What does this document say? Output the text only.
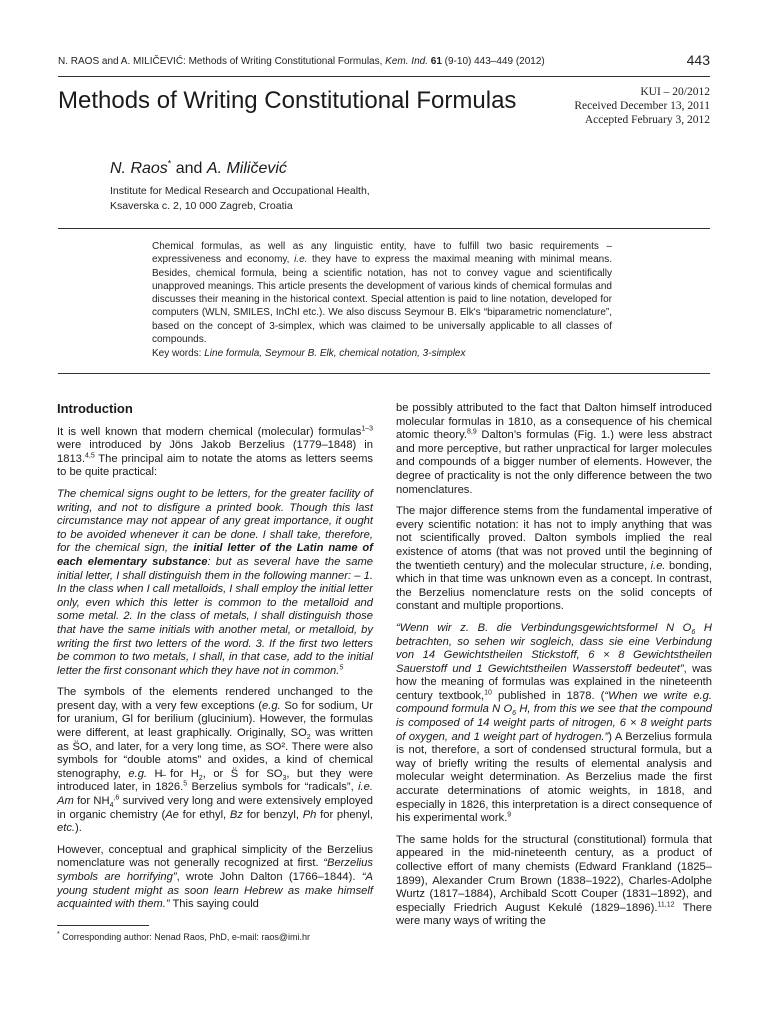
N. RAOS and A. MILIČEVIĆ: Methods of Writing Constitutional Formulas, Kem. Ind. 61 (9-10) 443–449 (2012)	443
Methods of Writing Constitutional Formulas	KUI – 20/2012
Received December 13, 2011
Accepted February 3, 2012
N. Raos* and A. Miličević
Institute for Medical Research and Occupational Health,
Ksaverska c. 2, 10 000 Zagreb, Croatia
Chemical formulas, as well as any linguistic entity, have to fulfill two basic requirements – expressiveness and economy, i.e. they have to express the maximal meaning with minimal means. Besides, chemical formula, being a scientific notation, has not to convey vague and scientifically unapproved meanings. This article presents the development of various kinds of chemical formulas and discusses their meaning in the historical context. Special attention is paid to line notation, developed for computers (WLN, SMILES, InChI etc.). We also discuss Seymour B. Elk's “biparametric nomenclature”, based on the concept of 3-simplex, which was claimed to be universally applicable to all classes of compounds.
Key words: Line formula, Seymour B. Elk, chemical notation, 3-simplex
Introduction

It is well known that modern chemical (molecular) formulas$^{1-3}$ were introduced by Jöns Jakob Berzelius (1779–1848) in 1813.$^{4,5}$ The principal aim to notate the atoms as letters seems to be quite practical:

The chemical signs ought to be letters, for the greater facility of writing, and not to disfigure a printed book. Though this last circumstance may not appear of any great importance, it ought to be avoided whenever it can be done. I shall take, therefore, for the chemical sign, the initial letter of the Latin name of each elementary substance: but as several have the same initial letter, I shall distinguish them in the following manner: – 1. In the class when I call metalloids, I shall employ the initial letter only, even which this letter is common to the metalloid and some metal. 2. In the class of metals, I shall distinguish those that have the same initials with another metal, or metalloid, by writing the first two letters of the word. 3. If the first two letters be common to two metals, I shall, in that case, add to the initial letter the first consonant which they have not in common.$^5$

The symbols of the elements rendered unchanged to the present day, with a very few exceptions (e.g. So for sodium, Ur for uranium, Gl for berilium (glucinium). However, the formulas were different, at least graphically. Originally, $SO_2$ was written as S̈O, and later, for a very long time, as SO². There were also symbols for “double atoms” and oxides, a kind of chemical stenography, e.g. H̶ for $H_2$, or S̈ for $SO_3$, but they were introduced later, in 1826.$^5$ Berzelius symbols for “radicals”, i.e. Am for $NH_4^{,6}$ survived very long and were extensively employed in organic chemistry (Ae for ethyl, Bz for benzyl, Ph for phenyl, etc.).

However, conceptual and graphical simplicity of the Berzelius nomenclature was not generally recognized at first. “Berzelius symbols are horrifying”, wrote John Dalton (1766–1844). “A young student might as soon learn Hebrew as make himself acquainted with them.” This saying could

be possibly attributed to the fact that Dalton himself introduced molecular formulas in 1810, as a consequence of his chemical atomic theory.$^{8,9}$ Dalton’s formulas (Fig. 1.) were less abstract and more perceptive, but rather unpractical for larger molecules and compounds of a bigger number of elements. However, the degree of practicality is not the only difference between the two nomenclatures.

The major difference stems from the fundamental imperative of every scientific notation: it has not to imply anything that was not scientifically proved. Dalton symbols implied the real existence of atoms (that was not proved until the beginning of the twentieth century) and the molecular structure, i.e. bonding, which in that time was unknown even as a concept. In contrast, the Berzelius nomenclature rests on the solid concepts of constant and multiple proportions.

“Wenn wir z. B. die Verbindungsgewichtsformel N $O_6$ H betrachten, so sehen wir sogleich, dass sie eine Verbindung von 14 Gewichtstheilen Stickstoff, 6 × 8 Gewichtstheilen Sauerstoff und 1 Gewichtstheilen Wasserstoff bedeutet”, was how the meaning of formulas was explained in the nineteenth century textbook,$^{10}$ published in 1878. (“When we write e.g. compound formula N $O_6$ H, from this we see that the compound is composed of 14 weight parts of nitrogen, 6 × 8 weight parts of oxygen, and 1 weight part of hydrogen.”) A Berzelius formula is not, therefore, a sort of condensed structural formula, but a way of briefly writing the results of elemental analysis and molecular weight determination. As Berzelius made the first accurate determinations of atomic weights, in 1818, and especially in 1826, this interpretation is a direct consequence of his experimental work.$^9$

The same holds for the structural (constitutional) formula that appeared in the mid-nineteenth century, as a product of collective effort of many chemists (Edward Frankland (1825–1899), Alexander Crum Brown (1838–1922), Charles-Adolphe Wurtz (1817–1884), Archibald Scott Couper (1831–1892), and especially Friedrich August Kekulé (1829–1896).$^{11,12}$ There were many ways of writing the

* Corresponding author: Nenad Raos, PhD, e-mail: raos@imi.hr
